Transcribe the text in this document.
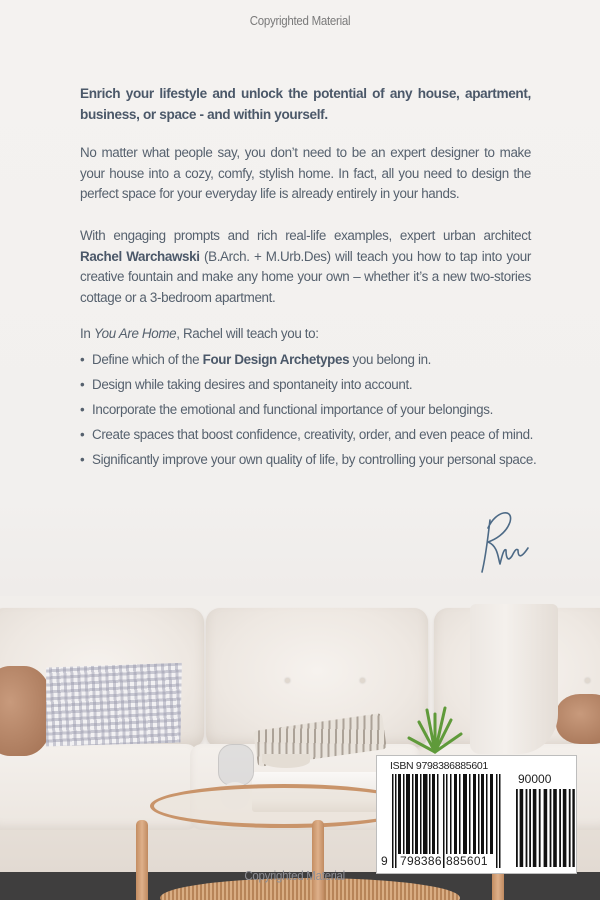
Copyrighted Material
Enrich your lifestyle and unlock the potential of any house, apartment, business, or space - and within yourself.
No matter what people say, you don’t need to be an expert designer to make your house into a cozy, comfy, stylish home. In fact, all you need to design the perfect space for your everyday life is already entirely in your hands.
With engaging prompts and rich real-life examples, expert urban architect Rachel Warchawski (B.Arch. + M.Urb.Des) will teach you how to tap into your creative fountain and make any home your own – whether it’s a new two-stories cottage or a 3-bedroom apartment.
In You Are Home, Rachel will teach you to:
• Define which of the Four Design Archetypes you belong in.
• Design while taking desires and spontaneity into account.
• Incorporate the emotional and functional importance of your belongings.
• Create spaces that boost confidence, creativity, order, and even peace of mind.
• Significantly improve your own quality of life, by controlling your personal space.
Copyrighted Material
ISBN 9798386885601
90000
9 798386 885601
